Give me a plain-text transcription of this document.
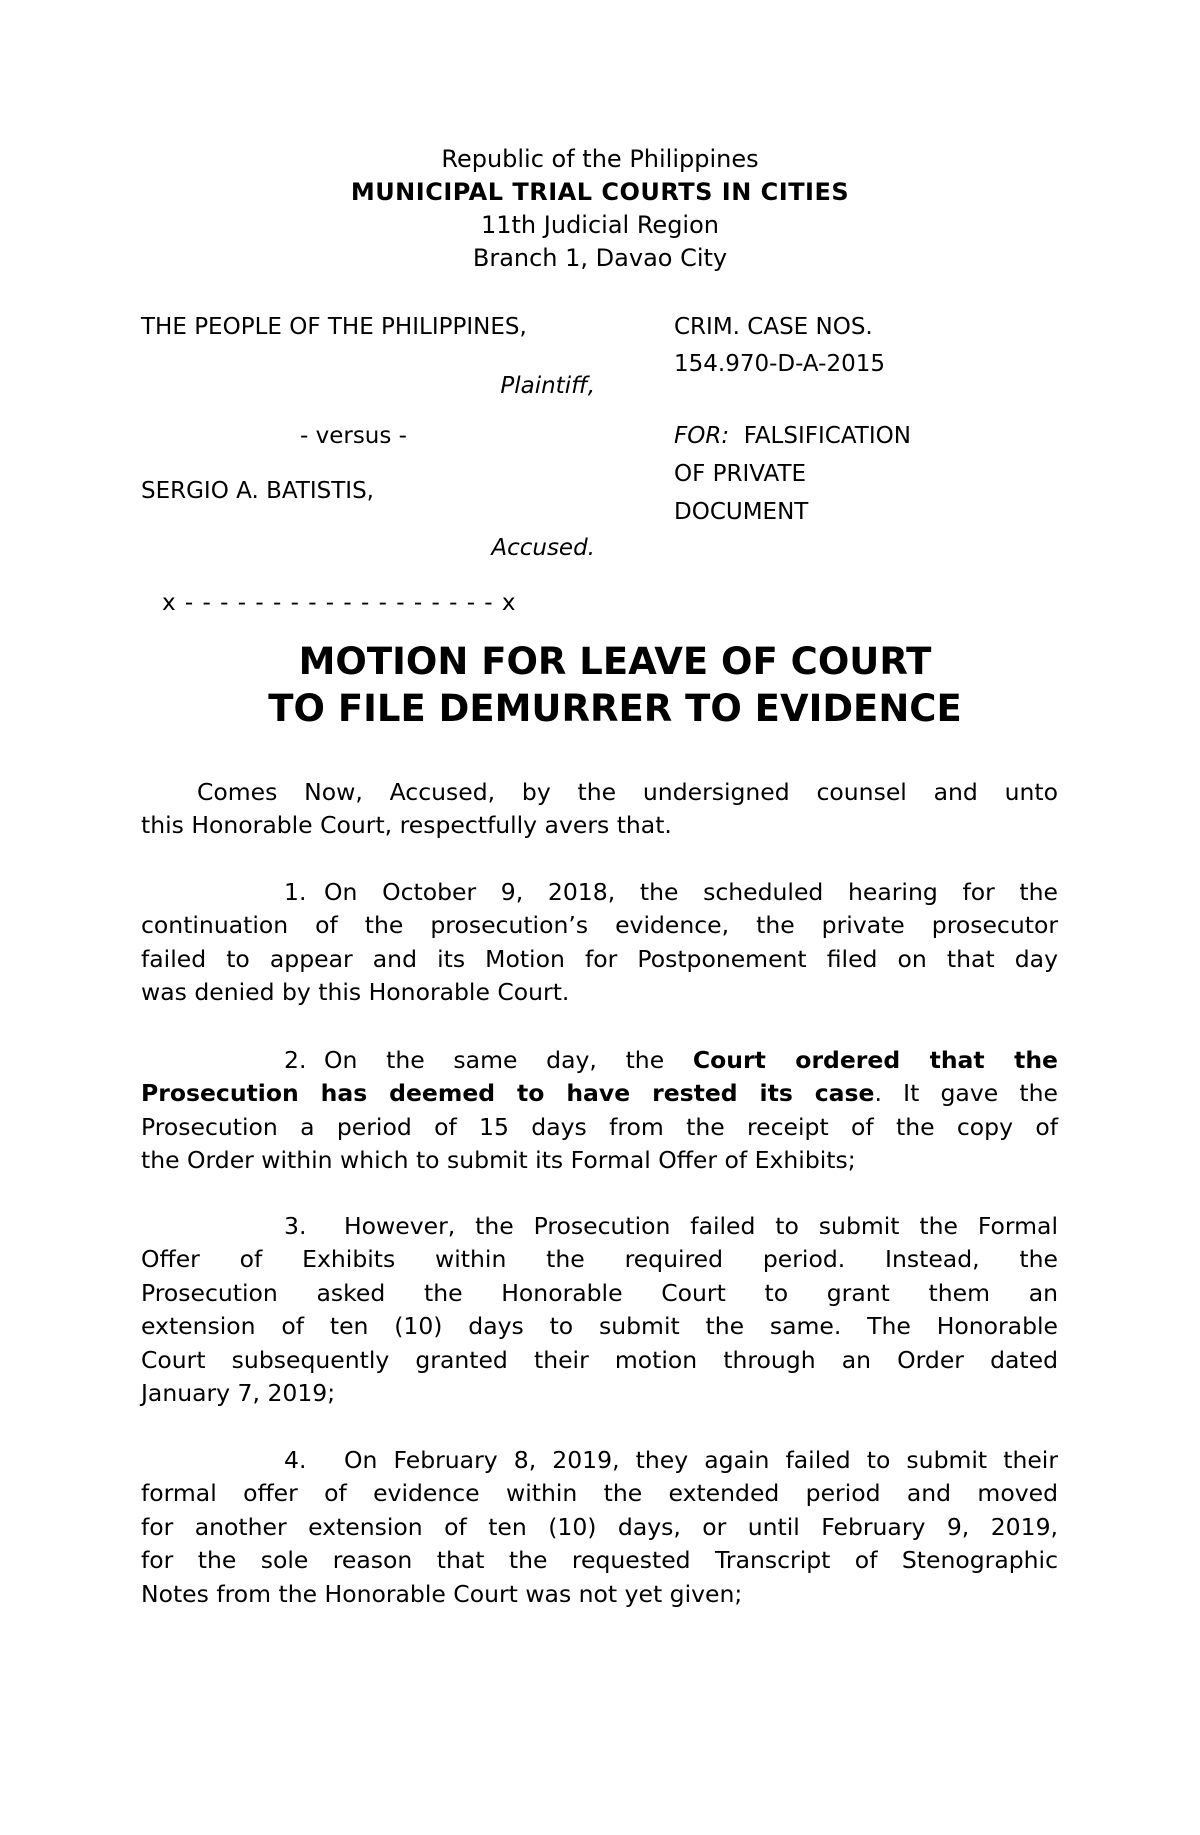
Republic of the Philippines
MUNICIPAL TRIAL COURTS IN CITIES
11th Judicial Region
Branch 1, Davao City
THE PEOPLE OF THE PHILIPPINES,
Plaintiff,
- versus -
SERGIO A. BATISTIS,
Accused.
CRIM. CASE NOS.
154.970-D-A-2015
FOR: FALSIFICATION
OF PRIVATE
DOCUMENT
x - - - - - - - - - - - - - - - - - - x
MOTION FOR LEAVE OF COURT
TO FILE DEMURRER TO EVIDENCE
Comes Now, Accused, by the undersigned counsel and unto
this Honorable Court, respectfully avers that.
1. On October 9, 2018, the scheduled hearing for the
continuation of the prosecution’s evidence, the private prosecutor
failed to appear and its Motion for Postponement filed on that day
was denied by this Honorable Court.
2. On the same day, the Court ordered that the
Prosecution has deemed to have rested its case. It gave the
Prosecution a period of 15 days from the receipt of the copy of
the Order within which to submit its Formal Offer of Exhibits;
3. However, the Prosecution failed to submit the Formal
Offer of Exhibits within the required period. Instead, the
Prosecution asked the Honorable Court to grant them an
extension of ten (10) days to submit the same. The Honorable
Court subsequently granted their motion through an Order dated
January 7, 2019;
4. On February 8, 2019, they again failed to submit their
formal offer of evidence within the extended period and moved
for another extension of ten (10) days, or until February 9, 2019,
for the sole reason that the requested Transcript of Stenographic
Notes from the Honorable Court was not yet given;
